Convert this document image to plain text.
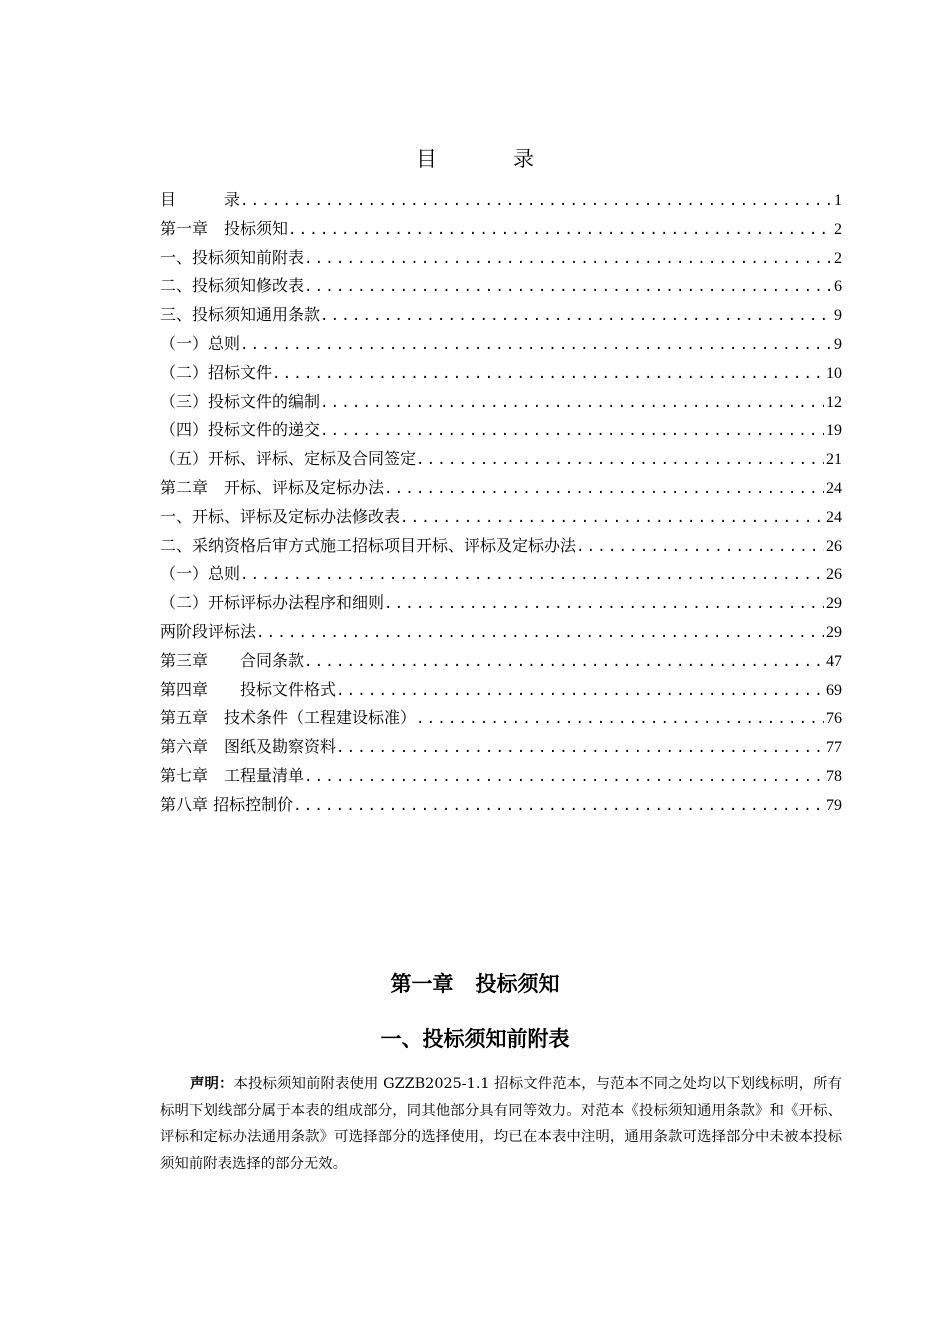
目	录
目　　　录 .....	1
第一章　投标须知 .....	2
一、投标须知前附表 .....	2
二、投标须知修改表 .....	6
三、投标须知通用条款 .....	9
（一）总则 .....	9
（二）招标文件 .....	10
（三）投标文件的编制 .....	12
（四）投标文件的递交 .....	19
（五）开标、评标、定标及合同签定 .....	21
第二章　开标、评标及定标办法 .....	24
一、开标、评标及定标办法修改表 .....	24
二、采纳资格后审方式施工招标项目开标、评标及定标办法 .....	26
（一）总则 .....	26
（二）开标评标办法程序和细则 .....	29
两阶段评标法 .....	29
第三章　　合同条款 .....	47
第四章　　投标文件格式 .....	69
第五章　技术条件（工程建设标准） .....	76
第六章　图纸及勘察资料 .....	77
第七章　工程量清单 .....	78
第八章 招标控制价 .....	79
第一章 投标须知
一、投标须知前附表

声明：本投标须知前附表使用 GZZB2025-1.1 招标文件范本，与范本不同之处均以下划线标明，所有标明下划线部分属于本表的组成部分，同其他部分具有同等效力。对范本《投标须知通用条款》和《开标、评标和定标办法通用条款》可选择部分的选择使用，均已在本表中注明，通用条款可选择部分中未被本投标须知前附表选择的部分无效。
